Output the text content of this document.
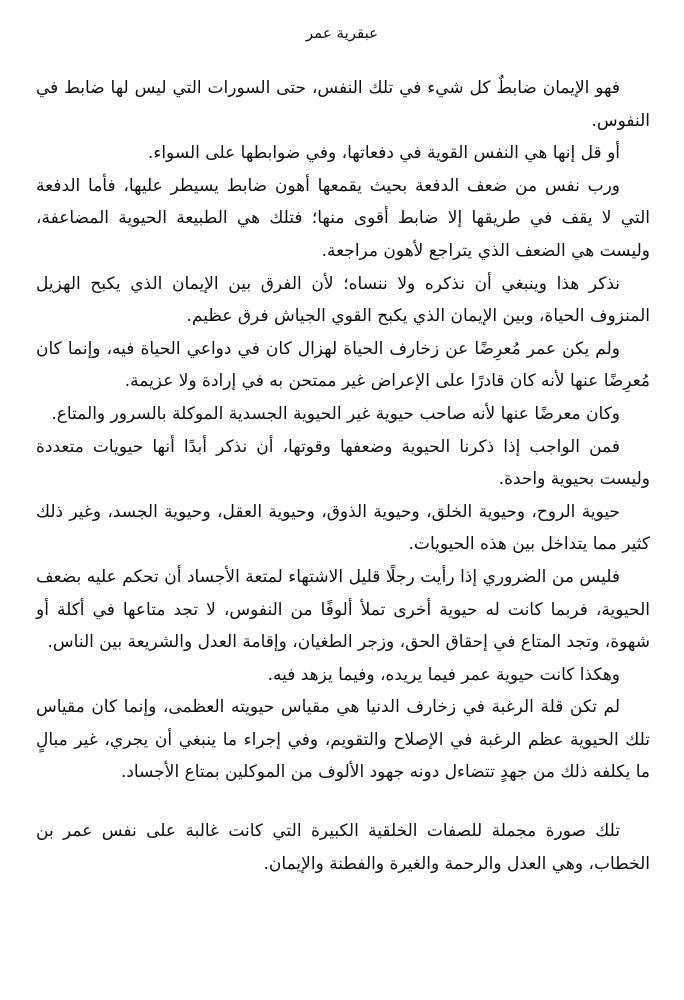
عبقرية عمر

فهو الإيمان ضابطٌ كل شيء في تلك النفس، حتى السورات التي ليس لها ضابط في النفوس.

أو قل إنها هي النفس القوية في دفعاتها، وفي ضوابطها على السواء.

ورب نفس من ضعف الدفعة بحيث يقمعها أهون ضابط يسيطر عليها، فأما الدفعة التي لا يقف في طريقها إلا ضابط أقوى منها؛ فتلك هي الطبيعة الحيوية المضاعفة، وليست هي الضعف الذي يتراجع لأهون مراجعة.

نذكر هذا وينبغي أن نذكره ولا ننساه؛ لأن الفرق بين الإيمان الذي يكبح الهزيل المنزوف الحياة، وبين الإيمان الذي يكبح القوي الجياش فرق عظيم.

ولم يكن عمر مُعرِضًا عن زخارف الحياة لهزال كان في دواعي الحياة فيه، وإنما كان مُعرِضًا عنها لأنه كان قادرًا على الإعراض غير ممتحن به في إرادة ولا عزيمة.

وكان معرضًا عنها لأنه صاحب حيوية غير الحيوية الجسدية الموكلة بالسرور والمتاع.

فمن الواجب إذا ذكرنا الحيوية وضعفها وقوتها، أن نذكر أبدًا أنها حيويات متعددة وليست بحيوية واحدة.

حيوية الروح، وحيوية الخلق، وحيوية الذوق، وحيوية العقل، وحيوية الجسد، وغير ذلك كثير مما يتداخل بين هذه الحيويات.

فليس من الضروري إذا رأيت رجلًا قليل الاشتهاء لمتعة الأجساد أن تحكم عليه بضعف الحيوية، فربما كانت له حيوية أخرى تملأ ألوفًا من النفوس، لا تجد متاعها في أكلة أو شهوة، وتجد المتاع في إحقاق الحق، وزجر الطغيان، وإقامة العدل والشريعة بين الناس.

وهكذا كانت حيوية عمر فيما يريده، وفيما يزهد فيه.

لم تكن قلة الرغبة في زخارف الدنيا هي مقياس حيويته العظمى، وإنما كان مقياس تلك الحيوية عظم الرغبة في الإصلاح والتقويم، وفي إجراء ما ينبغي أن يجري، غير مبالٍ ما يكلفه ذلك من جهدٍ تتضاءل دونه جهود الألوف من الموكلين بمتاع الأجساد.

تلك صورة مجملة للصفات الخلقية الكبيرة التي كانت غالبة على نفس عمر بن الخطاب، وهي العدل والرحمة والغيرة والفطنة والإيمان.
